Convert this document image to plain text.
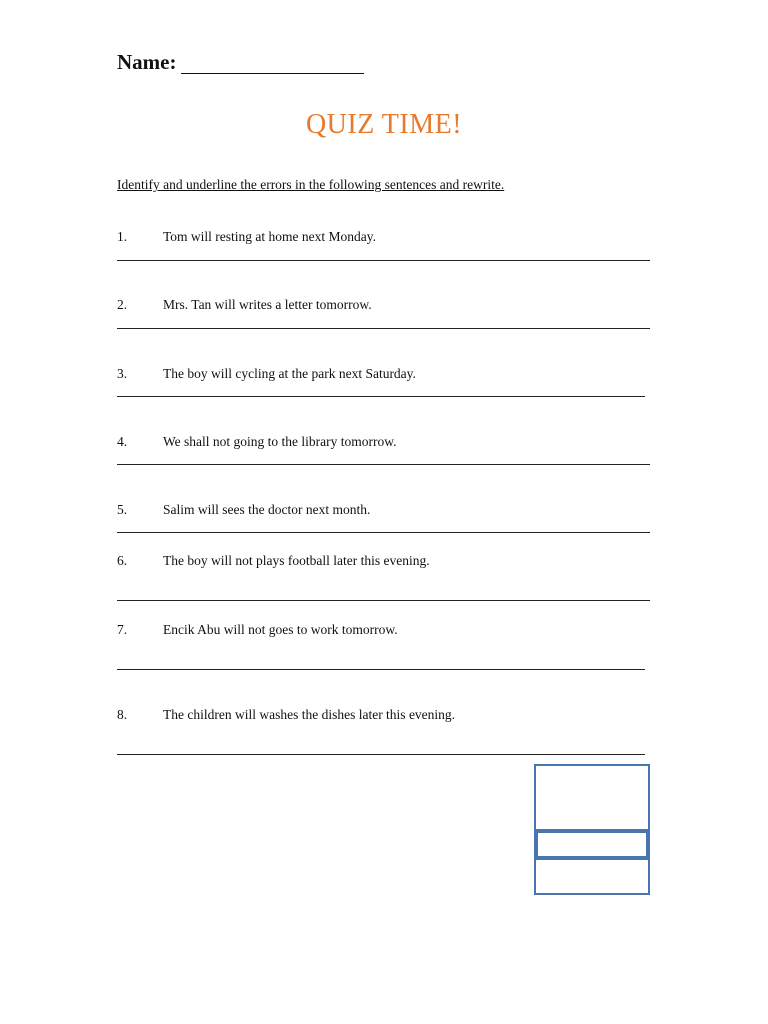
Name:
QUIZ TIME!
Identify and underline the errors in the following sentences and rewrite.
1.	Tom will resting at home next Monday.
2.	Mrs. Tan will writes a letter tomorrow.
3.	The boy will cycling at the park next Saturday.
4.	We shall not going to the library tomorrow.
5.	Salim will sees the doctor next month.
6.	The boy will not plays football later this evening.
7.	Encik Abu will not goes to work tomorrow.
8.	The children will washes the dishes later this evening.
